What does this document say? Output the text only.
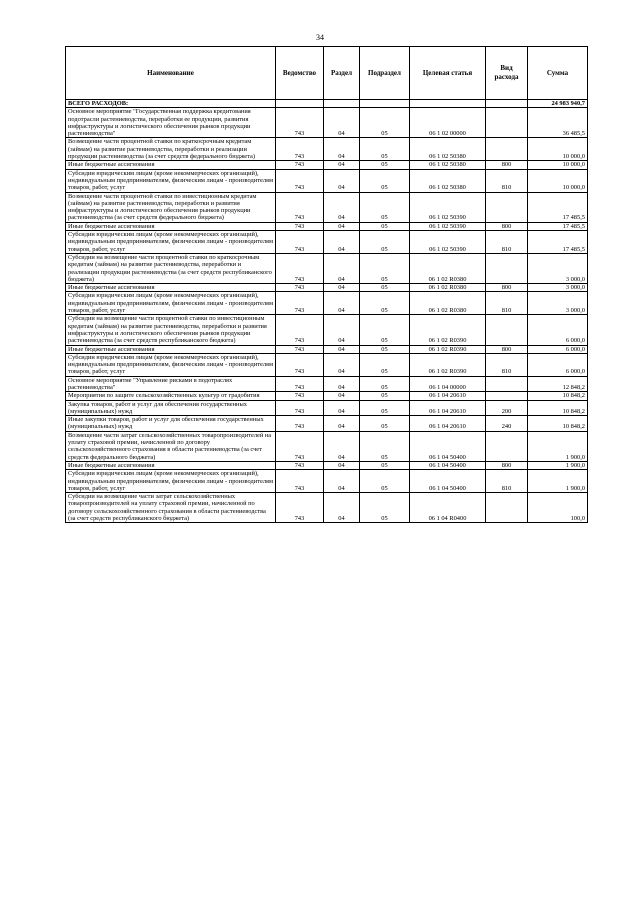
34
Наименование	Ведомство	Раздел	Подраздел	Целевая статья	Вид расхода	Сумма
ВСЕГО РАСХОДОВ:						24 983 940,7
Основное мероприятие "Государственная поддержка кредитования подотрасли растениеводства, переработки ее продукции, развития инфраструктуры и логистического обеспечения рынков продукции растениеводства"	743	04	05	06 1 02 00000		36 485,5
Возмещение части процентной ставки по краткосрочным кредитам (займам) на развитие растениеводства, переработки и реализации продукции растениеводства (за счет средств федерального бюджета)	743	04	05	06 1 02 50380		10 000,0
Иные бюджетные ассигнования	743	04	05	06 1 02 50380	800	10 000,0
Субсидии юридическим лицам (кроме некоммерческих организаций), индивидуальным предпринимателям, физическим лицам - производителям товаров, работ, услуг	743	04	05	06 1 02 50380	810	10 000,0
Возмещение части процентной ставки по инвестиционным кредитам (займам) на развитие растениеводства, переработки и развития инфраструктуры и логистического обеспечения рынков продукции растениеводства (за счет средств федерального бюджета)	743	04	05	06 1 02 50390		17 485,5
Иные бюджетные ассигнования	743	04	05	06 1 02 50390	800	17 485,5
Субсидии юридическим лицам (кроме некоммерческих организаций), индивидуальным предпринимателям, физическим лицам - производителям товаров, работ, услуг	743	04	05	06 1 02 50390	810	17 485,5
Субсидии на возмещение части процентной ставки по краткосрочным кредитам (займам) на развитие растениеводства, переработки и реализации продукции растениеводства (за счет средств республиканского бюджета)	743	04	05	06 1 02 R0380		3 000,0
Иные бюджетные ассигнования	743	04	05	06 1 02 R0380	800	3 000,0
Субсидии юридическим лицам (кроме некоммерческих организаций), индивидуальным предпринимателям, физическим лицам - производителям товаров, работ, услуг	743	04	05	06 1 02 R0380	810	3 000,0
Субсидии на возмещение части процентной ставки по инвестиционным кредитам (займам) на развитие растениеводства, переработки и развития инфраструктуры и логистического обеспечения рынков продукции растениеводства (за счет средств республиканского бюджета)	743	04	05	06 1 02 R0390		6 000,0
Иные бюджетные ассигнования	743	04	05	06 1 02 R0390	800	6 000,0
Субсидии юридическим лицам (кроме некоммерческих организаций), индивидуальным предпринимателям, физическим лицам - производителям товаров, работ, услуг	743	04	05	06 1 02 R0390	810	6 000,0
Основное мероприятие "Управление рисками в подотраслях растениеводства"	743	04	05	06 1 04 00000		12 848,2
Мероприятия по защите сельскохозяйственных культур от градобития	743	04	05	06 1 04 20610		10 848,2
Закупка товаров, работ и услуг для обеспечения государственных (муниципальных) нужд	743	04	05	06 1 04 20610	200	10 848,2
Иные закупки товаров, работ и услуг для обеспечения государственных (муниципальных) нужд	743	04	05	06 1 04 20610	240	10 848,2
Возмещение части затрат сельскохозяйственных товаропроизводителей на уплату страховой премии, начисленной по договору сельскохозяйственного страхования в области растениеводства (за счет средств федерального бюджета)	743	04	05	06 1 04 50400		1 900,0
Иные бюджетные ассигнования	743	04	05	06 1 04 50400	800	1 900,0
Субсидии юридическим лицам (кроме некоммерческих организаций), индивидуальным предпринимателям, физическим лицам - производителям товаров, работ, услуг	743	04	05	06 1 04 50400	810	1 900,0
Субсидии на возмещение части затрат сельскохозяйственных товаропроизводителей на уплату страховой премии, начисленной по договору сельскохозяйственного страхования в области растениеводства (за счет средств республиканского бюджета)	743	04	05	06 1 04 R0400		100,0
